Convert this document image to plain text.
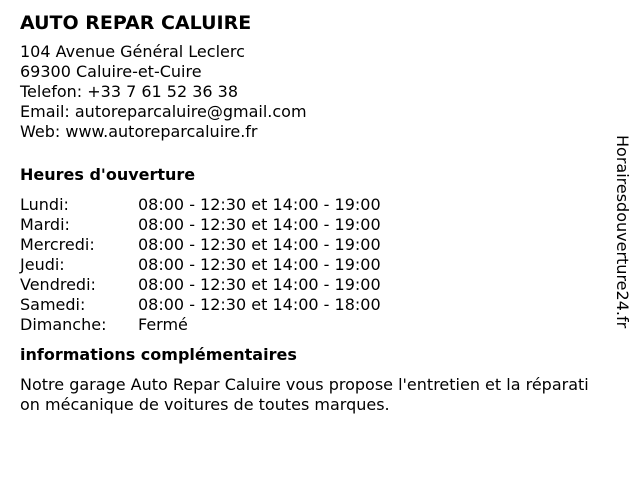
AUTO REPAR CALUIRE
104 Avenue Général Leclerc
69300 Caluire-et-Cuire
Telefon: +33 7 61 52 36 38
Email: autoreparcaluire@gmail.com
Web: www.autoreparcaluire.fr
Heures d'ouverture
Lundi:	08:00 - 12:30 et 14:00 - 19:00
Mardi:	08:00 - 12:30 et 14:00 - 19:00
Mercredi:	08:00 - 12:30 et 14:00 - 19:00
Jeudi:	08:00 - 12:30 et 14:00 - 19:00
Vendredi:	08:00 - 12:30 et 14:00 - 19:00
Samedi:	08:00 - 12:30 et 14:00 - 18:00
Dimanche:	Fermé
informations complémentaires
Notre garage Auto Repar Caluire vous propose l'entretien et la réparation mécanique de voitures de toutes marques.
Horairesdouverture24.fr
